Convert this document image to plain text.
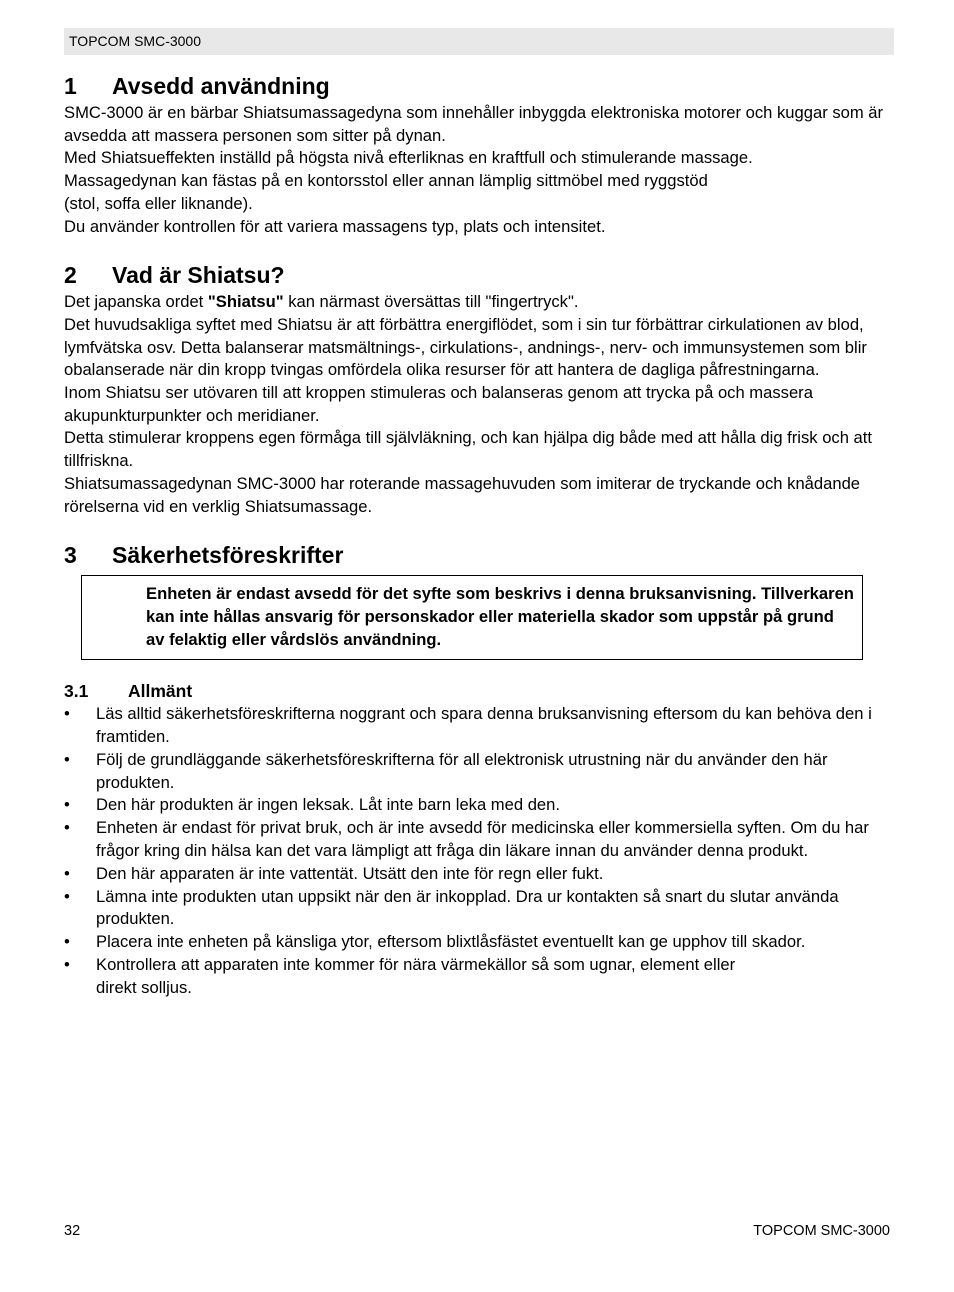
TOPCOM SMC-3000
1	Avsedd användning

SMC-3000 är en bärbar Shiatsumassagedyna som innehåller inbyggda elektroniska motorer och kuggar som är avsedda att massera personen som sitter på dynan.

Med Shiatsueffekten inställd på högsta nivå efterliknas en kraftfull och stimulerande massage.

Massagedynan kan fästas på en kontorsstol eller annan lämplig sittmöbel med ryggstöd

(stol, soffa eller liknande).

Du använder kontrollen för att variera massagens typ, plats och intensitet.

2	Vad är Shiatsu?

Det japanska ordet "Shiatsu" kan närmast översättas till "fingertryck".

Det huvudsakliga syftet med Shiatsu är att förbättra energiflödet, som i sin tur förbättrar cirkulationen av blod, lymfvätska osv. Detta balanserar matsmältnings-, cirkulations-, andnings-, nerv- och immunsystemen som blir obalanserade när din kropp tvingas omfördela olika resurser för att hantera de dagliga påfrestningarna.

Inom Shiatsu ser utövaren till att kroppen stimuleras och balanseras genom att trycka på och massera akupunkturpunkter och meridianer.

Detta stimulerar kroppens egen förmåga till självläkning, och kan hjälpa dig både med att hålla dig frisk och att tillfriskna.

Shiatsumassagedynan SMC-3000 har roterande massagehuvuden som imiterar de tryckande och knådande rörelserna vid en verklig Shiatsumassage.

3	Säkerhetsföreskrifter

Enheten är endast avsedd för det syfte som beskrivs i denna bruksanvisning. Tillverkaren kan inte hållas ansvarig för personskador eller materiella skador som uppstår på grund av felaktig eller vårdslös användning.

3.1	Allmänt
• Läs alltid säkerhetsföreskrifterna noggrant och spara denna bruksanvisning eftersom du kan behöva den i framtiden.
• Följ de grundläggande säkerhetsföreskrifterna för all elektronisk utrustning när du använder den här produkten.
• Den här produkten är ingen leksak. Låt inte barn leka med den.
• Enheten är endast för privat bruk, och är inte avsedd för medicinska eller kommersiella syften. Om du har frågor kring din hälsa kan det vara lämpligt att fråga din läkare innan du använder denna produkt.
• Den här apparaten är inte vattentät. Utsätt den inte för regn eller fukt.
• Lämna inte produkten utan uppsikt när den är inkopplad. Dra ur kontakten så snart du slutar använda produkten.
• Placera inte enheten på känsliga ytor, eftersom blixtlåsfästet eventuellt kan ge upphov till skador.
• Kontrollera att apparaten inte kommer för nära värmekällor så som ugnar, element eller
direkt solljus.
32	TOPCOM SMC-3000
